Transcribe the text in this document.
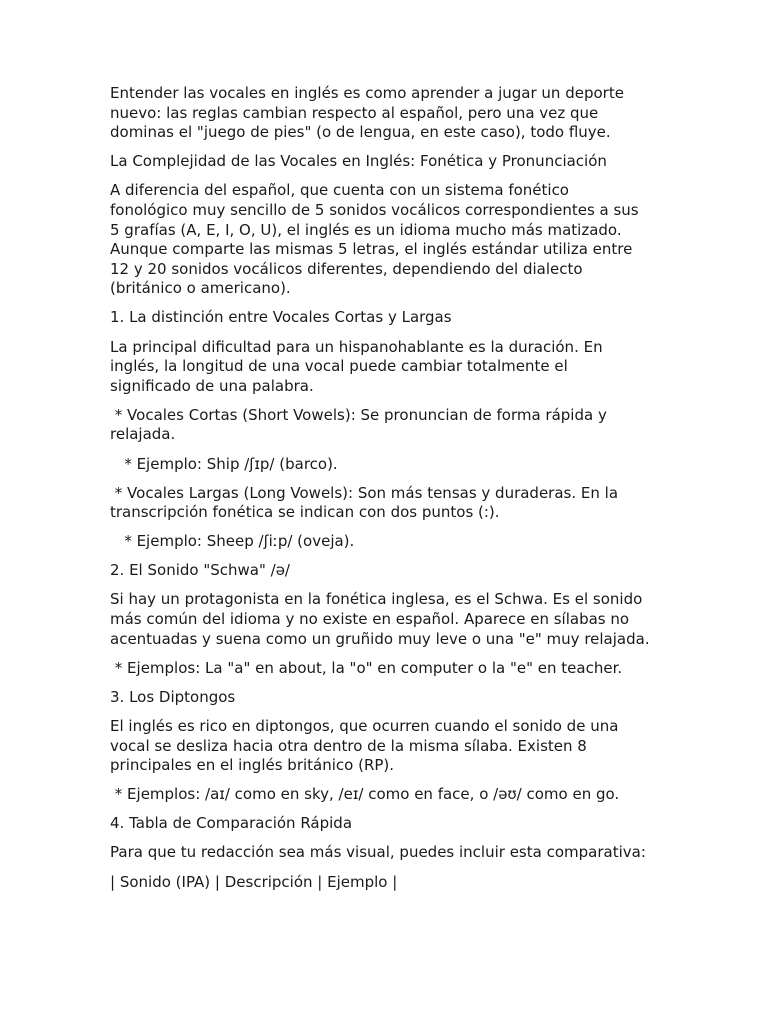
Entender las vocales en inglés es como aprender a jugar un deporte nuevo: las reglas cambian respecto al español, pero una vez que dominas el "juego de pies" (o de lengua, en este caso), todo fluye.

La Complejidad de las Vocales en Inglés: Fonética y Pronunciación

A diferencia del español, que cuenta con un sistema fonético fonológico muy sencillo de 5 sonidos vocálicos correspondientes a sus 5 grafías (A, E, I, O, U), el inglés es un idioma mucho más matizado. Aunque comparte las mismas 5 letras, el inglés estándar utiliza entre 12 y 20 sonidos vocálicos diferentes, dependiendo del dialecto (británico o americano).

1. La distinción entre Vocales Cortas y Largas

La principal dificultad para un hispanohablante es la duración. En inglés, la longitud de una vocal puede cambiar totalmente el significado de una palabra.

* Vocales Cortas (Short Vowels): Se pronuncian de forma rápida y relajada.

* Ejemplo: Ship /ʃɪp/ (barco).

* Vocales Largas (Long Vowels): Son más tensas y duraderas. En la transcripción fonética se indican con dos puntos (:).

* Ejemplo: Sheep /ʃiːp/ (oveja).

2. El Sonido "Schwa" /ə/

Si hay un protagonista en la fonética inglesa, es el Schwa. Es el sonido más común del idioma y no existe en español. Aparece en sílabas no acentuadas y suena como un gruñido muy leve o una "e" muy relajada.

* Ejemplos: La "a" en about, la "o" en computer o la "e" en teacher.

3. Los Diptongos

El inglés es rico en diptongos, que ocurren cuando el sonido de una vocal se desliza hacia otra dentro de la misma sílaba. Existen 8 principales en el inglés británico (RP).

* Ejemplos: /aɪ/ como en sky, /eɪ/ como en face, o /əʊ/ como en go.

4. Tabla de Comparación Rápida

Para que tu redacción sea más visual, puedes incluir esta comparativa:

| Sonido (IPA) | Descripción | Ejemplo |
